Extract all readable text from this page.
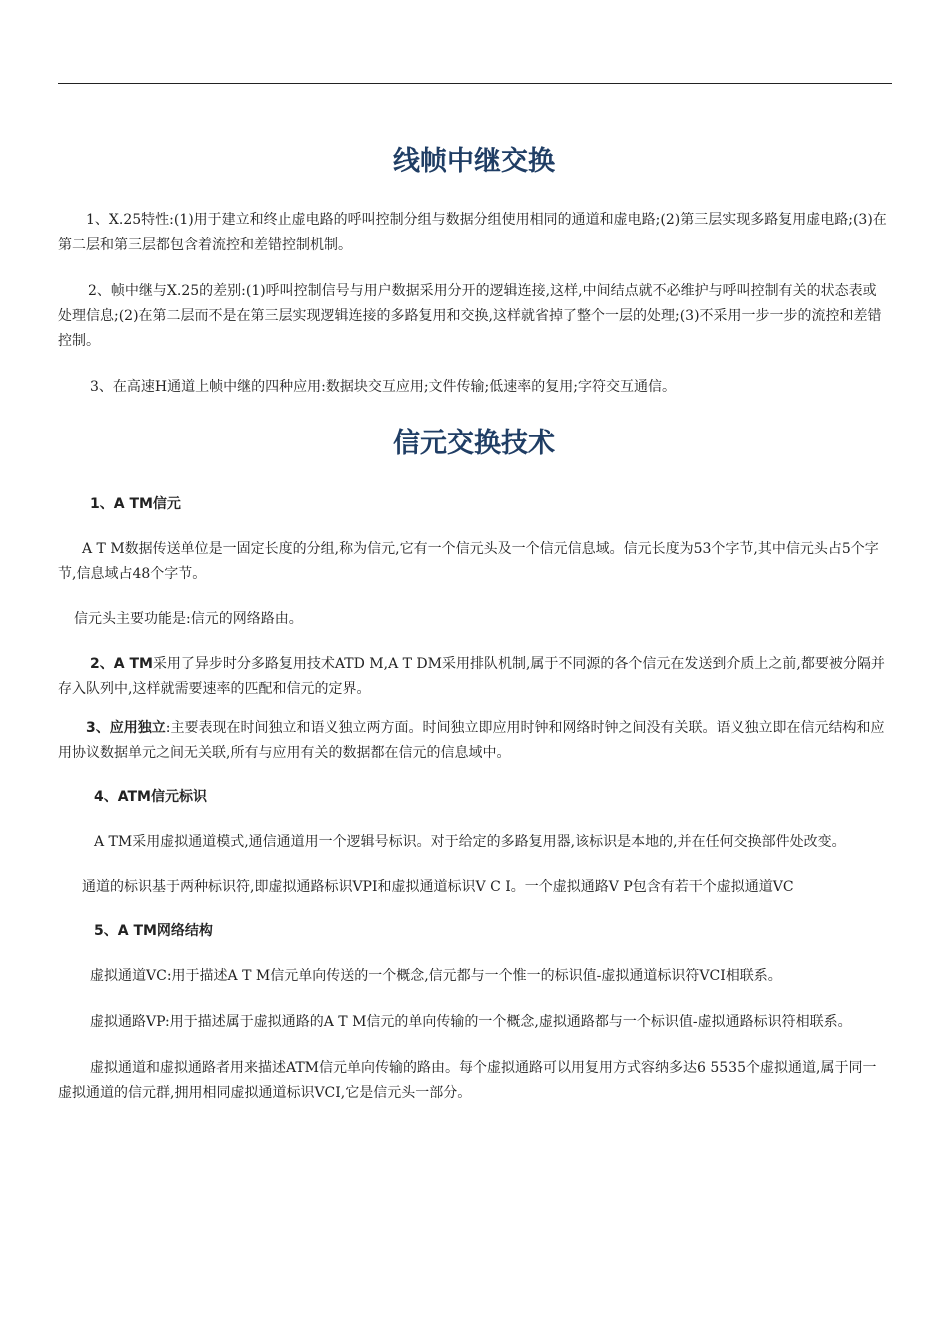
线帧中继交换

1、X.25特性:(1)用于建立和终止虚电路的呼叫控制分组与数据分组使用相同的通道和虚电路;(2)第三层实现多路复用虚电路;(3)在第二层和第三层都包含着流控和差错控制机制。

2、帧中继与X.25的差别:(1)呼叫控制信号与用户数据采用分开的逻辑连接,这样,中间结点就不必维护与呼叫控制有关的状态表或处理信息;(2)在第二层而不是在第三层实现逻辑连接的多路复用和交换,这样就省掉了整个一层的处理;(3)不采用一步一步的流控和差错控制。

3、在高速H通道上帧中继的四种应用:数据块交互应用;文件传输;低速率的复用;字符交互通信。

信元交换技术

1、A TM信元

A T M数据传送单位是一固定长度的分组,称为信元,它有一个信元头及一个信元信息域。信元长度为53个字节,其中信元头占5个字节,信息域占48个字节。

信元头主要功能是:信元的网络路由。

2、A TM采用了异步时分多路复用技术ATD M,A T DM采用排队机制,属于不同源的各个信元在发送到介质上之前,都要被分隔并存入队列中,这样就需要速率的匹配和信元的定界。

3、应用独立:主要表现在时间独立和语义独立两方面。时间独立即应用时钟和网络时钟之间没有关联。语义独立即在信元结构和应用协议数据单元之间无关联,所有与应用有关的数据都在信元的信息域中。

4、ATM信元标识

A TM采用虚拟通道模式,通信通道用一个逻辑号标识。对于给定的多路复用器,该标识是本地的,并在任何交换部件处改变。

通道的标识基于两种标识符,即虚拟通路标识VPI和虚拟通道标识V C I。一个虚拟通路V P包含有若干个虚拟通道VC

5、A TM网络结构

虚拟通道VC:用于描述A T M信元单向传送的一个概念,信元都与一个惟一的标识值-虚拟通道标识符VCI相联系。

虚拟通路VP:用于描述属于虚拟通路的A T M信元的单向传输的一个概念,虚拟通路都与一个标识值-虚拟通路标识符相联系。

虚拟通道和虚拟通路者用来描述ATM信元单向传输的路由。每个虚拟通路可以用复用方式容纳多达6 5535个虚拟通道,属于同一虚拟通道的信元群,拥用相同虚拟通道标识VCI,它是信元头一部分。
